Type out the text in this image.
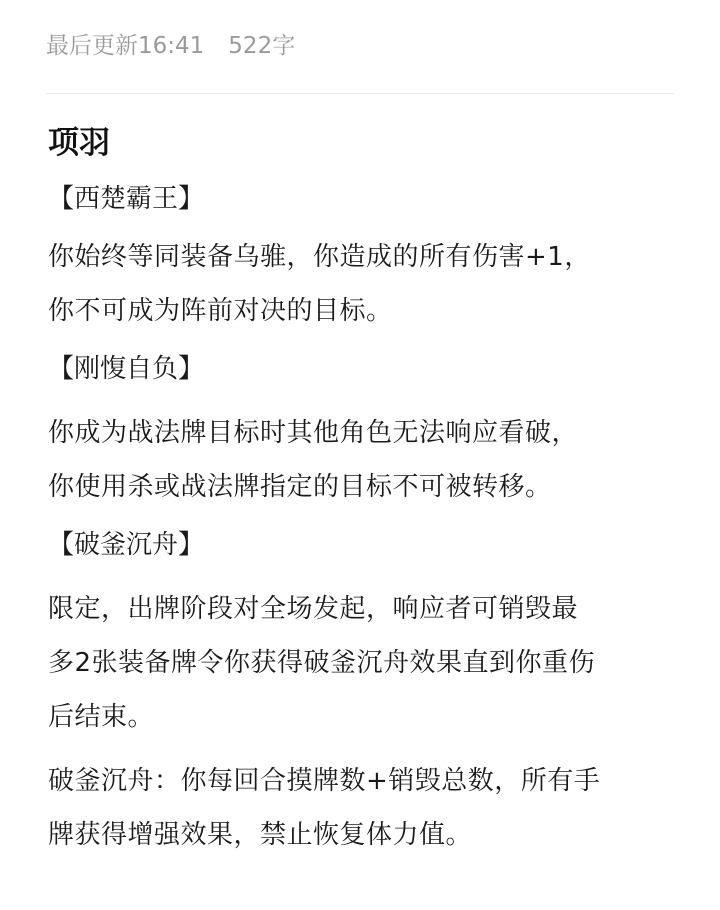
最后更新16:41 522字

项羽

【西楚霸王】

你始终等同装备乌骓，你造成的所有伤害+1，

你不可成为阵前对决的目标。

【刚愎自负】

你成为战法牌目标时其他角色无法响应看破，

你使用杀或战法牌指定的目标不可被转移。

【破釜沉舟】

限定，出牌阶段对全场发起，响应者可销毁最

多2张装备牌令你获得破釜沉舟效果直到你重伤

后结束。

破釜沉舟：你每回合摸牌数+销毁总数，所有手

牌获得增强效果，禁止恢复体力值。
